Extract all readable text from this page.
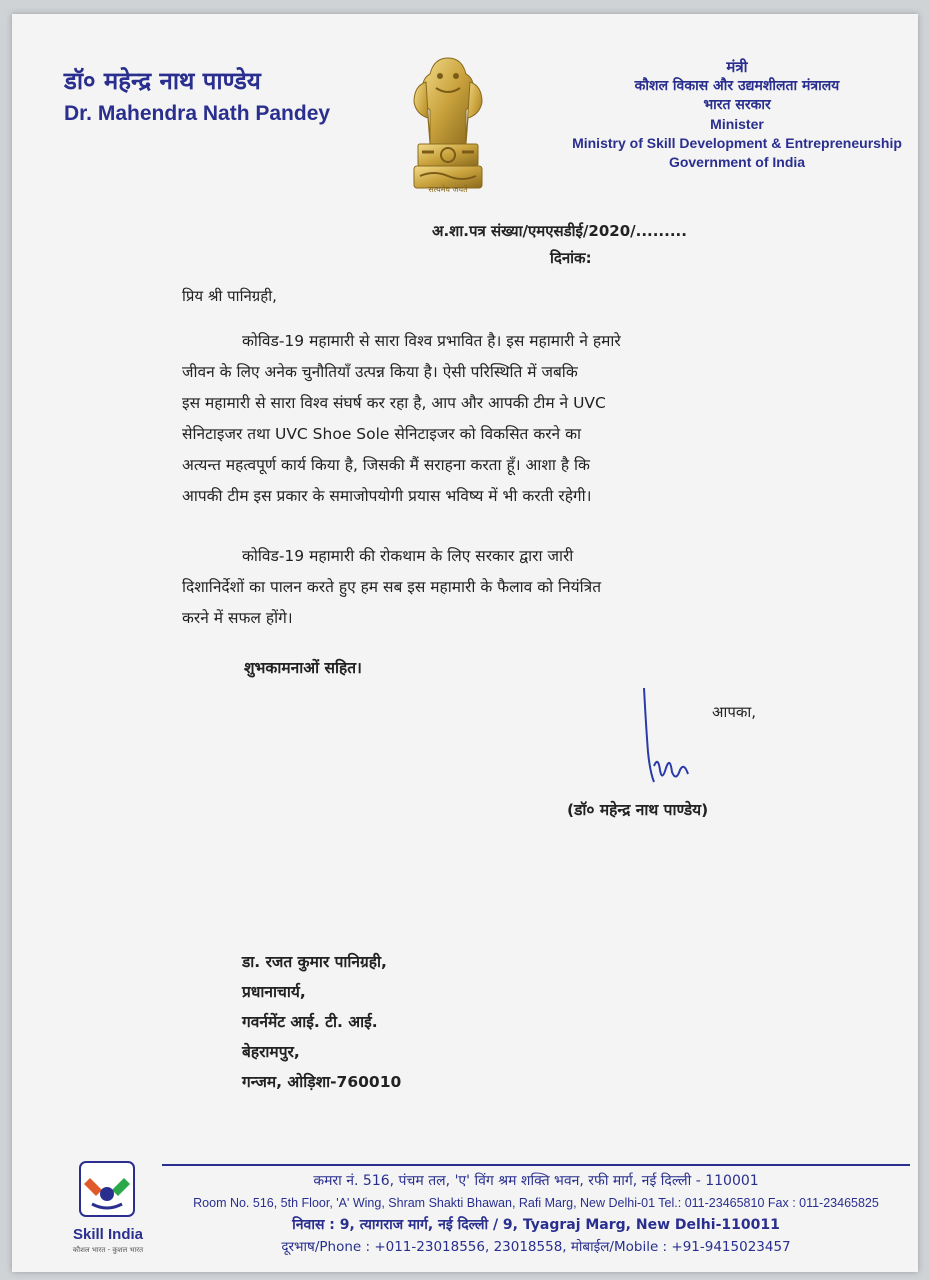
डॉ० महेन्द्र नाथ पाण्डेय
Dr. Mahendra Nath Pandey
सत्यमेव जयते
मंत्री
कौशल विकास और उद्यमशीलता मंत्रालय
भारत सरकार
Minister
Ministry of Skill Development & Entrepreneurship
Government of India
अ.शा.पत्र संख्या/एमएसडीई/2020/.........
दिनांक:
प्रिय श्री पानिग्रही,
कोविड-19 महामारी से सारा विश्व प्रभावित है। इस महामारी ने हमारे
जीवन के लिए अनेक चुनौतियाँ उत्पन्न किया है। ऐसी परिस्थिति में जबकि
इस महामारी से सारा विश्व संघर्ष कर रहा है, आप और आपकी टीम ने UVC
सेनिटाइजर तथा UVC Shoe Sole सेनिटाइजर को विकसित करने का
अत्यन्त महत्वपूर्ण कार्य किया है, जिसकी मैं सराहना करता हूँ। आशा है कि
आपकी टीम इस प्रकार के समाजोपयोगी प्रयास भविष्य में भी करती रहेगी।
कोविड-19 महामारी की रोकथाम के लिए सरकार द्वारा जारी
दिशानिर्देशों का पालन करते हुए हम सब इस महामारी के फैलाव को नियंत्रित
करने में सफल होंगे।
शुभकामनाओं सहित।
आपका,
(डॉ० महेन्द्र नाथ पाण्डेय)
डा. रजत कुमार पानिग्रही,
प्रधानाचार्य,
गवर्नमेंट आई. टी. आई.
बेहरामपुर,
गन्जम, ओड़िशा-760010
Skill India
कौशल भारत - कुशल भारत
कमरा नं. 516, पंचम तल, 'ए' विंग श्रम शक्ति भवन, रफी मार्ग, नई दिल्ली - 110001
Room No. 516, 5th Floor, 'A' Wing, Shram Shakti Bhawan, Rafi Marg, New Delhi-01 Tel.: 011-23465810 Fax : 011-23465825
निवास : 9, त्यागराज मार्ग, नई दिल्ली / 9, Tyagraj Marg, New Delhi-110011
दूरभाष/Phone : +011-23018556, 23018558, मोबाईल/Mobile : +91-9415023457
